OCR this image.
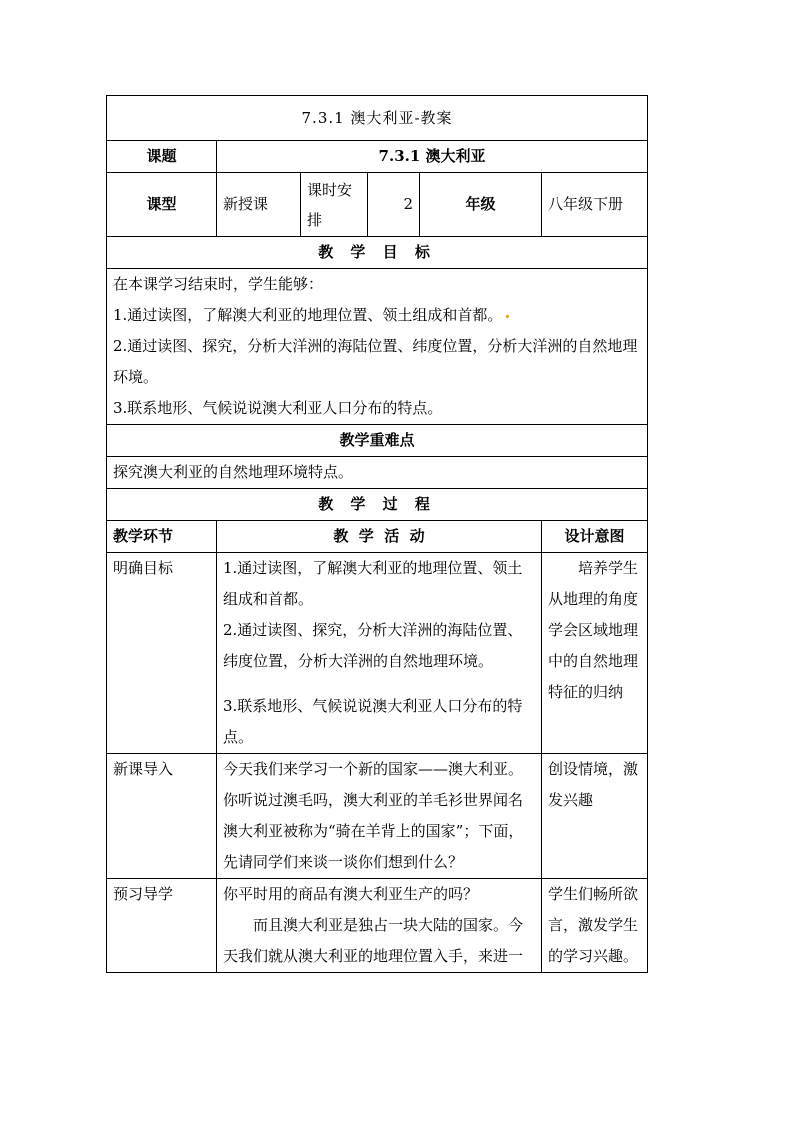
7.3.1 澳大利亚-教案					
课题	7.3.1 澳大利亚				
课型	新授课	课时安排	2	年级	八年级下册
教 学 目 标					

在本课学习结束时，学生能够：
1.通过读图，了解澳大利亚的地理位置、领土组成和首都。
2.通过读图、探究，分析大洋洲的海陆位置、纬度位置，分析大洋洲的自然地理环境。
3.联系地形、气候说说澳大利亚人口分布的特点。					

教学重难点					
探究澳大利亚的自然地理环境特点。					
教 学 过 程					
教学环节	教  学  活  动				设计意图
明确目标	1.通过读图，了解澳大利亚的地理位置、领土组成和首都。
2.通过读图、探究，分析大洋洲的海陆位置、纬度位置，分析大洋洲的自然地理环境。
3.联系地形、气候说说澳大利亚人口分布的特点。				培养学生从地理的角度学会区域地理中的自然地理特征的归纳
新课导入	今天我们来学习一个新的国家——澳大利亚。你听说过澳毛吗，澳大利亚的羊毛衫世界闻名澳大利亚被称为“骑在羊背上的国家”；下面，先请同学们来谈一谈你们想到什么？				创设情境，激发兴趣
预习导学	你平时用的商品有澳大利亚生产的吗？
而且澳大利亚是独占一块大陆的国家。今天我们就从澳大利亚的地理位置入手，来进一				学生们畅所欲言，激发学生的学习兴趣。
